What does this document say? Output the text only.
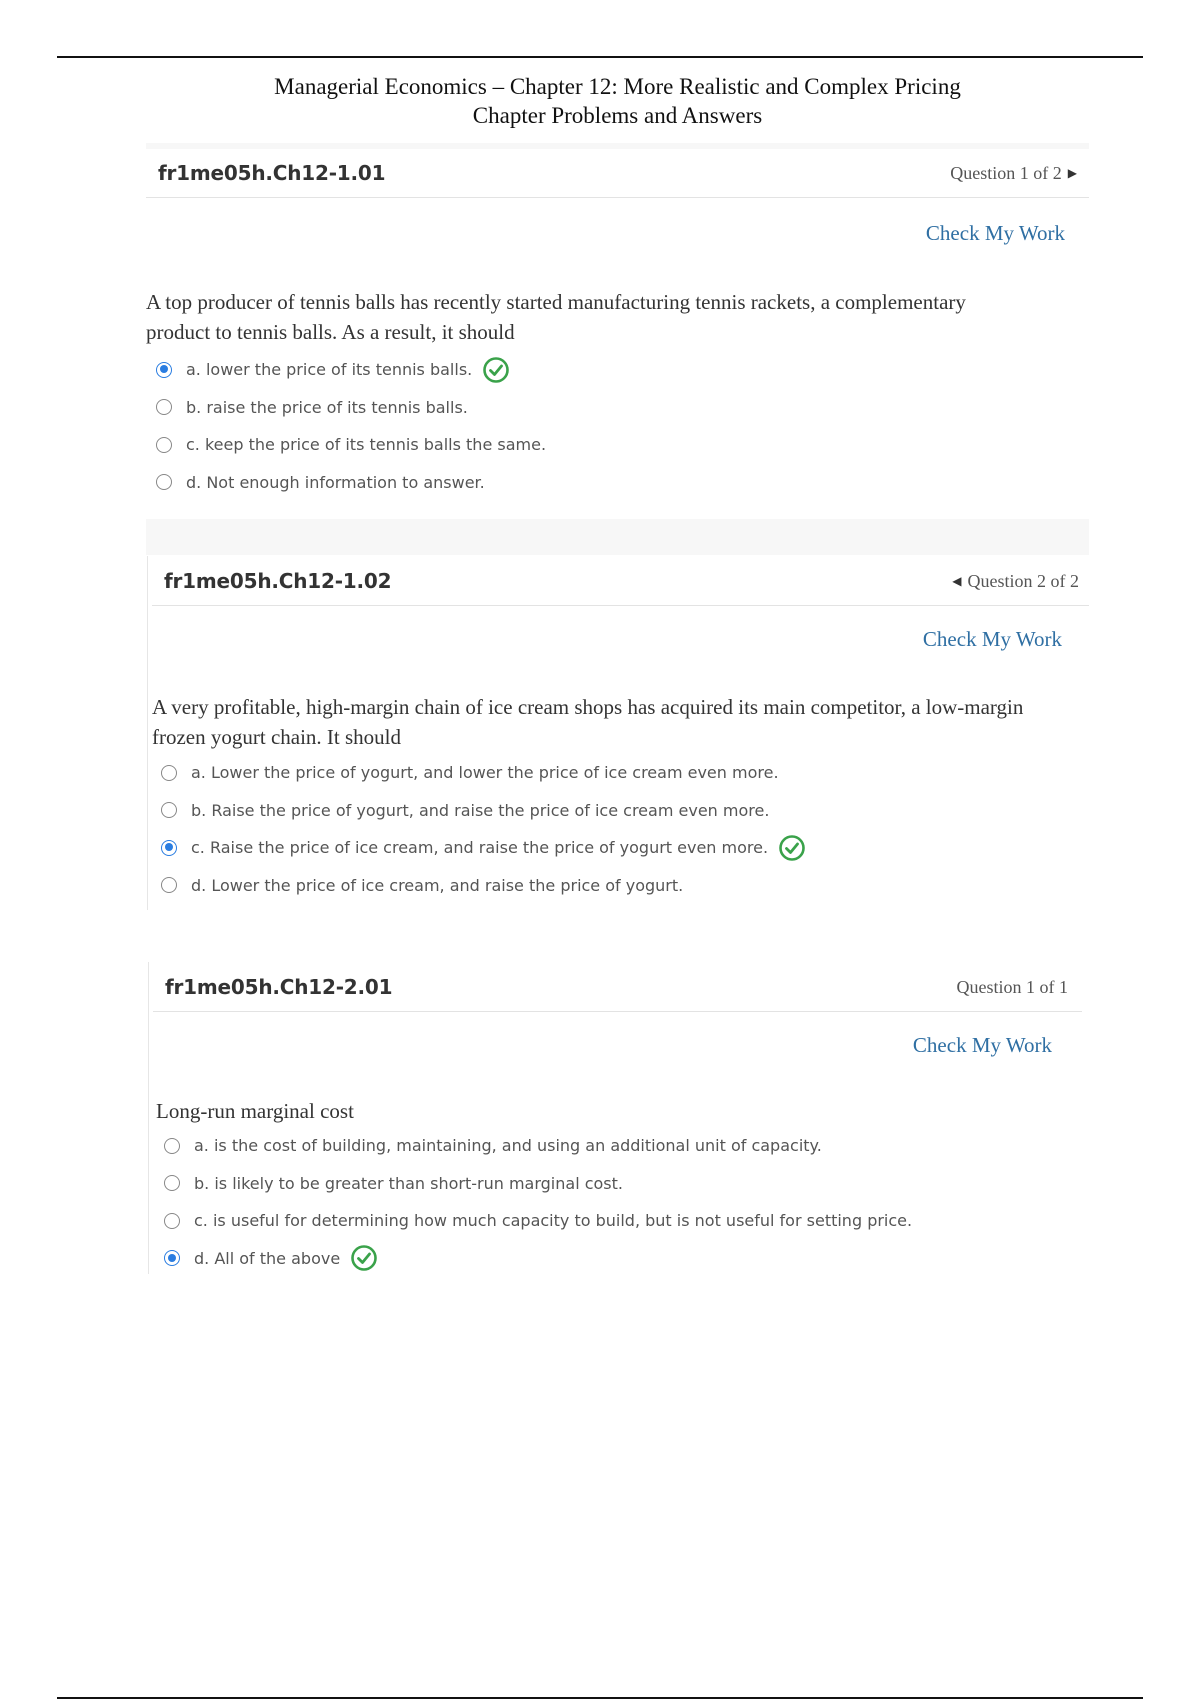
Managerial Economics – Chapter 12: More Realistic and Complex Pricing
Chapter Problems and Answers
fr1me05h.Ch12-1.01	Question 1 of 2 ▶
Check My Work
A top producer of tennis balls has recently started manufacturing tennis rackets, a complementary
product to tennis balls. As a result, it should
a. lower the price of its tennis balls.
b. raise the price of its tennis balls.
c. keep the price of its tennis balls the same.
d. Not enough information to answer.
fr1me05h.Ch12-1.02	◀ Question 2 of 2
Check My Work
A very profitable, high-margin chain of ice cream shops has acquired its main competitor, a low-margin
frozen yogurt chain. It should
a. Lower the price of yogurt, and lower the price of ice cream even more.
b. Raise the price of yogurt, and raise the price of ice cream even more.
c. Raise the price of ice cream, and raise the price of yogurt even more.
d. Lower the price of ice cream, and raise the price of yogurt.
fr1me05h.Ch12-2.01	Question 1 of 1
Check My Work
Long-run marginal cost
a. is the cost of building, maintaining, and using an additional unit of capacity.
b. is likely to be greater than short-run marginal cost.
c. is useful for determining how much capacity to build, but is not useful for setting price.
d. All of the above
